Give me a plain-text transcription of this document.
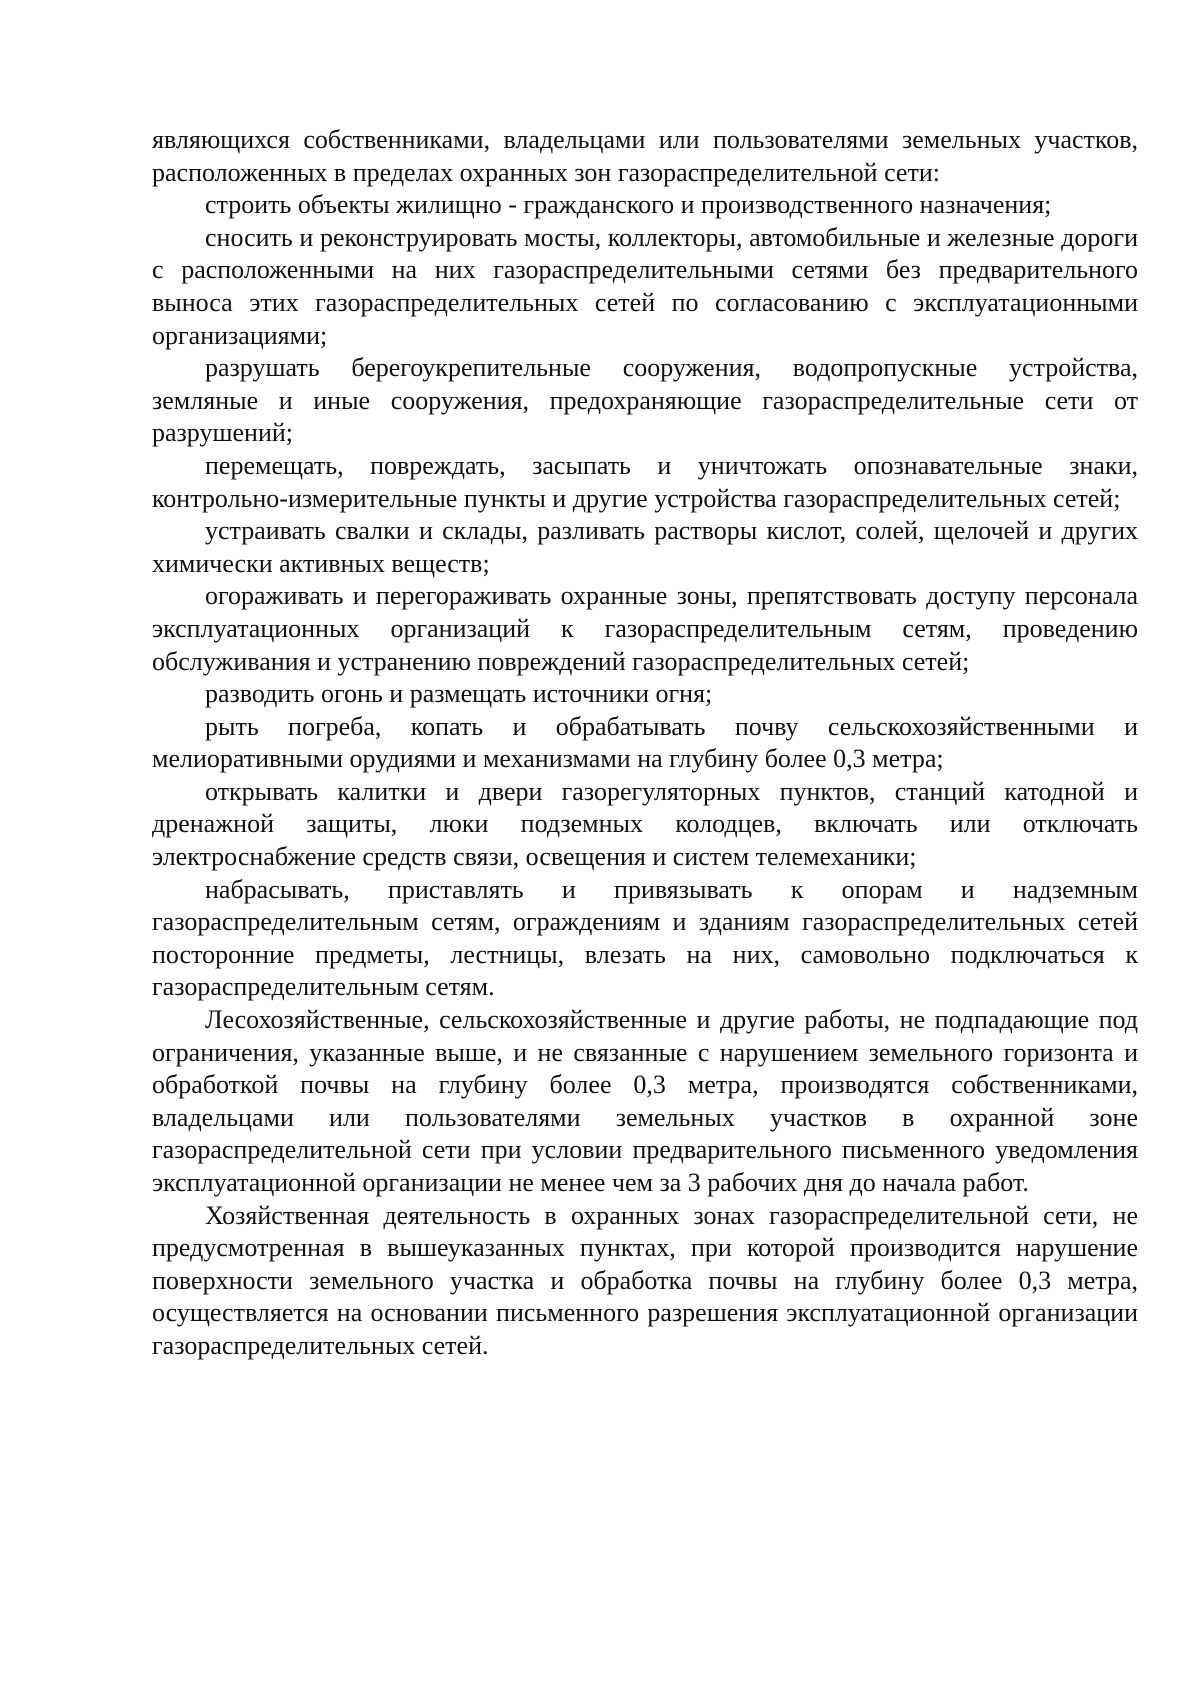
являющихся собственниками, владельцами или пользователями земельных участков, расположенных в пределах охранных зон газораспределительной сети:

строить объекты жилищно - гражданского и производственного назначения;

сносить и реконструировать мосты, коллекторы, автомобильные и железные дороги с расположенными на них газораспределительными сетями без предварительного выноса этих газораспределительных сетей по согласованию с эксплуатационными организациями;

разрушать берегоукрепительные сооружения, водопропускные устройства, земляные и иные сооружения, предохраняющие газораспределительные сети от разрушений;

перемещать, повреждать, засыпать и уничтожать опознавательные знаки, контрольно-измерительные пункты и другие устройства газораспределительных сетей;

устраивать свалки и склады, разливать растворы кислот, солей, щелочей и других химически активных веществ;

огораживать и перегораживать охранные зоны, препятствовать доступу персонала эксплуатационных организаций к газораспределительным сетям, проведению обслуживания и устранению повреждений газораспределительных сетей;

разводить огонь и размещать источники огня;

рыть погреба, копать и обрабатывать почву сельскохозяйственными и мелиоративными орудиями и механизмами на глубину более 0,3 метра;

открывать калитки и двери газорегуляторных пунктов, станций катодной и дренажной защиты, люки подземных колодцев, включать или отключать электроснабжение средств связи, освещения и систем телемеханики;

набрасывать, приставлять и привязывать к опорам и надземным газораспределительным сетям, ограждениям и зданиям газораспределительных сетей посторонние предметы, лестницы, влезать на них, самовольно подключаться к газораспределительным сетям.

Лесохозяйственные, сельскохозяйственные и другие работы, не подпадающие под ограничения, указанные выше, и не связанные с нарушением земельного горизонта и обработкой почвы на глубину более 0,3 метра, производятся собственниками, владельцами или пользователями земельных участков в охранной зоне газораспределительной сети при условии предварительного письменного уведомления эксплуатационной организации не менее чем за 3 рабочих дня до начала работ.

Хозяйственная деятельность в охранных зонах газораспределительной сети, не предусмотренная в вышеуказанных пунктах, при которой производится нарушение поверхности земельного участка и обработка почвы на глубину более 0,3 метра, осуществляется на основании письменного разрешения эксплуатационной организации газораспределительных сетей.
